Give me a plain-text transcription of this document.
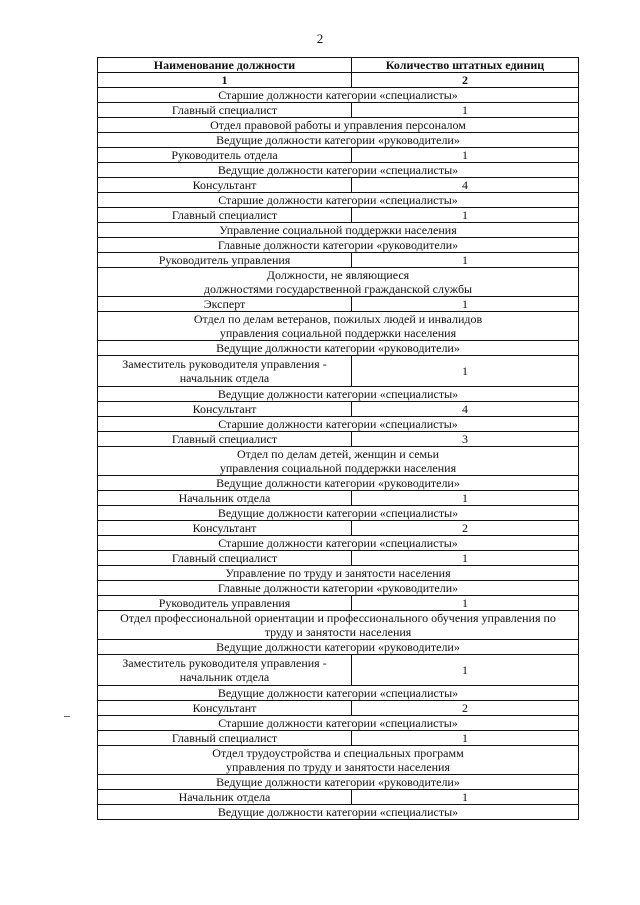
2
Наименование должности	Количество штатных единиц
1	2
Старшие должности категории «специалисты»	
Главный специалист	1
Отдел правовой работы и управления персоналом	
Ведущие должности категории «руководители»	
Руководитель отдела	1
Ведущие должности категории «специалисты»	
Консультант	4
Старшие должности категории «специалисты»	
Главный специалист	1
Управление социальной поддержки населения	
Главные должности категории «руководители»	
Руководитель управления	1
Должности, не являющиеся
должностями государственной гражданской службы	
Эксперт	1
Отдел по делам ветеранов, пожилых людей и инвалидов
управления социальной поддержки населения	
Ведущие должности категории «руководители»	
Заместитель руководителя управления -
начальник отдела	1
Ведущие должности категории «специалисты»	
Консультант	4
Старшие должности категории «специалисты»	
Главный специалист	3
Отдел по делам детей, женщин и семьи
управления социальной поддержки населения	
Ведущие должности категории «руководители»	
Начальник отдела	1
Ведущие должности категории «специалисты»	
Консультант	2
Старшие должности категории «специалисты»	
Главный специалист	1
Управление по труду и занятости населения	
Главные должности категории «руководители»	
Руководитель управления	1
Отдел профессиональной ориентации и профессионального обучения управления по
труду и занятости населения	
Ведущие должности категории «руководители»	
Заместитель руководителя управления -
начальник отдела	1
Ведущие должности категории «специалисты»	
Консультант	2
Старшие должности категории «специалисты»	
Главный специалист	1
Отдел трудоустройства и специальных программ
управления по труду и занятости населения	
Ведущие должности категории «руководители»	
Начальник отдела	1
Ведущие должности категории «специалисты»	
